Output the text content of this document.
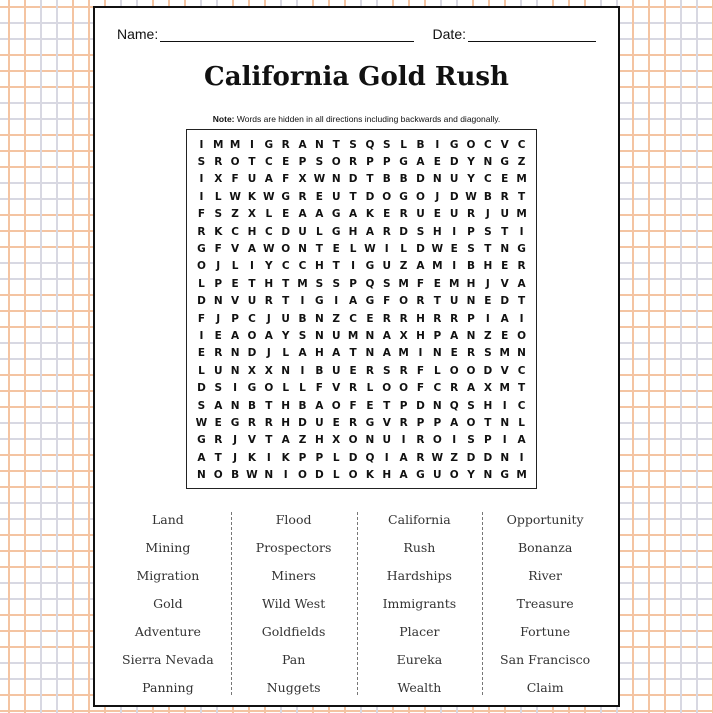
Name:	Date:
California Gold Rush
Note: Words are hidden in all directions including backwards and diagonally.
I M M I	G R A N T S Q S L B	I	G O C V C
S R O T C E P S O R P P G A E D Y N G Z
I	X F U A F X W N D T B B D N U Y C E M
I	L W K W G R E U T D O G O J	D W B R T
F S Z X L E A A G A K E R U E U R	J	U M
R K C H C D U L G H A R D S H I	P S T	I
G F V A W O N T E L W I	L D W E S T N G
O J	L	I	Y C C H T	I	G U Z A M I	B H E R
L P E T H T M S S P Q S M F E M H	J	V A
D N V U R T	I	G	I	A G F O R T U N E D T
F	J	P C	J	U B N Z C E R R H R R P	I	A	I
I	E A O A Y S N U M N A X H P A N Z E O
E R N D	J	L A H A T N A M I	N E R S M N
L U N X X N I	B U E R S R F L O O D V C
D S	I	G O L L F V R L O O F C R A X M T
S A N B T H B A O F E T P D N Q S H I	C
W E G R R H D U E R G V R P P A O T N L
G R	J	V T A Z H X O N U	I	R O I	S P	I	A
A T	J	K	I	K P P L D Q I	A R W Z D D N	I
N O B W N I O D L O K H A G U O Y N G M
Land
Mining
Migration
Gold
Adventure
Sierra Nevada
Panning
Flood
Prospectors
Miners
Wild West
Goldfields
Pan
Nuggets
California
Rush
Hardships
Immigrants
Placer
Eureka
Wealth
Opportunity
Bonanza
River
Treasure
Fortune
San Francisco
Claim
